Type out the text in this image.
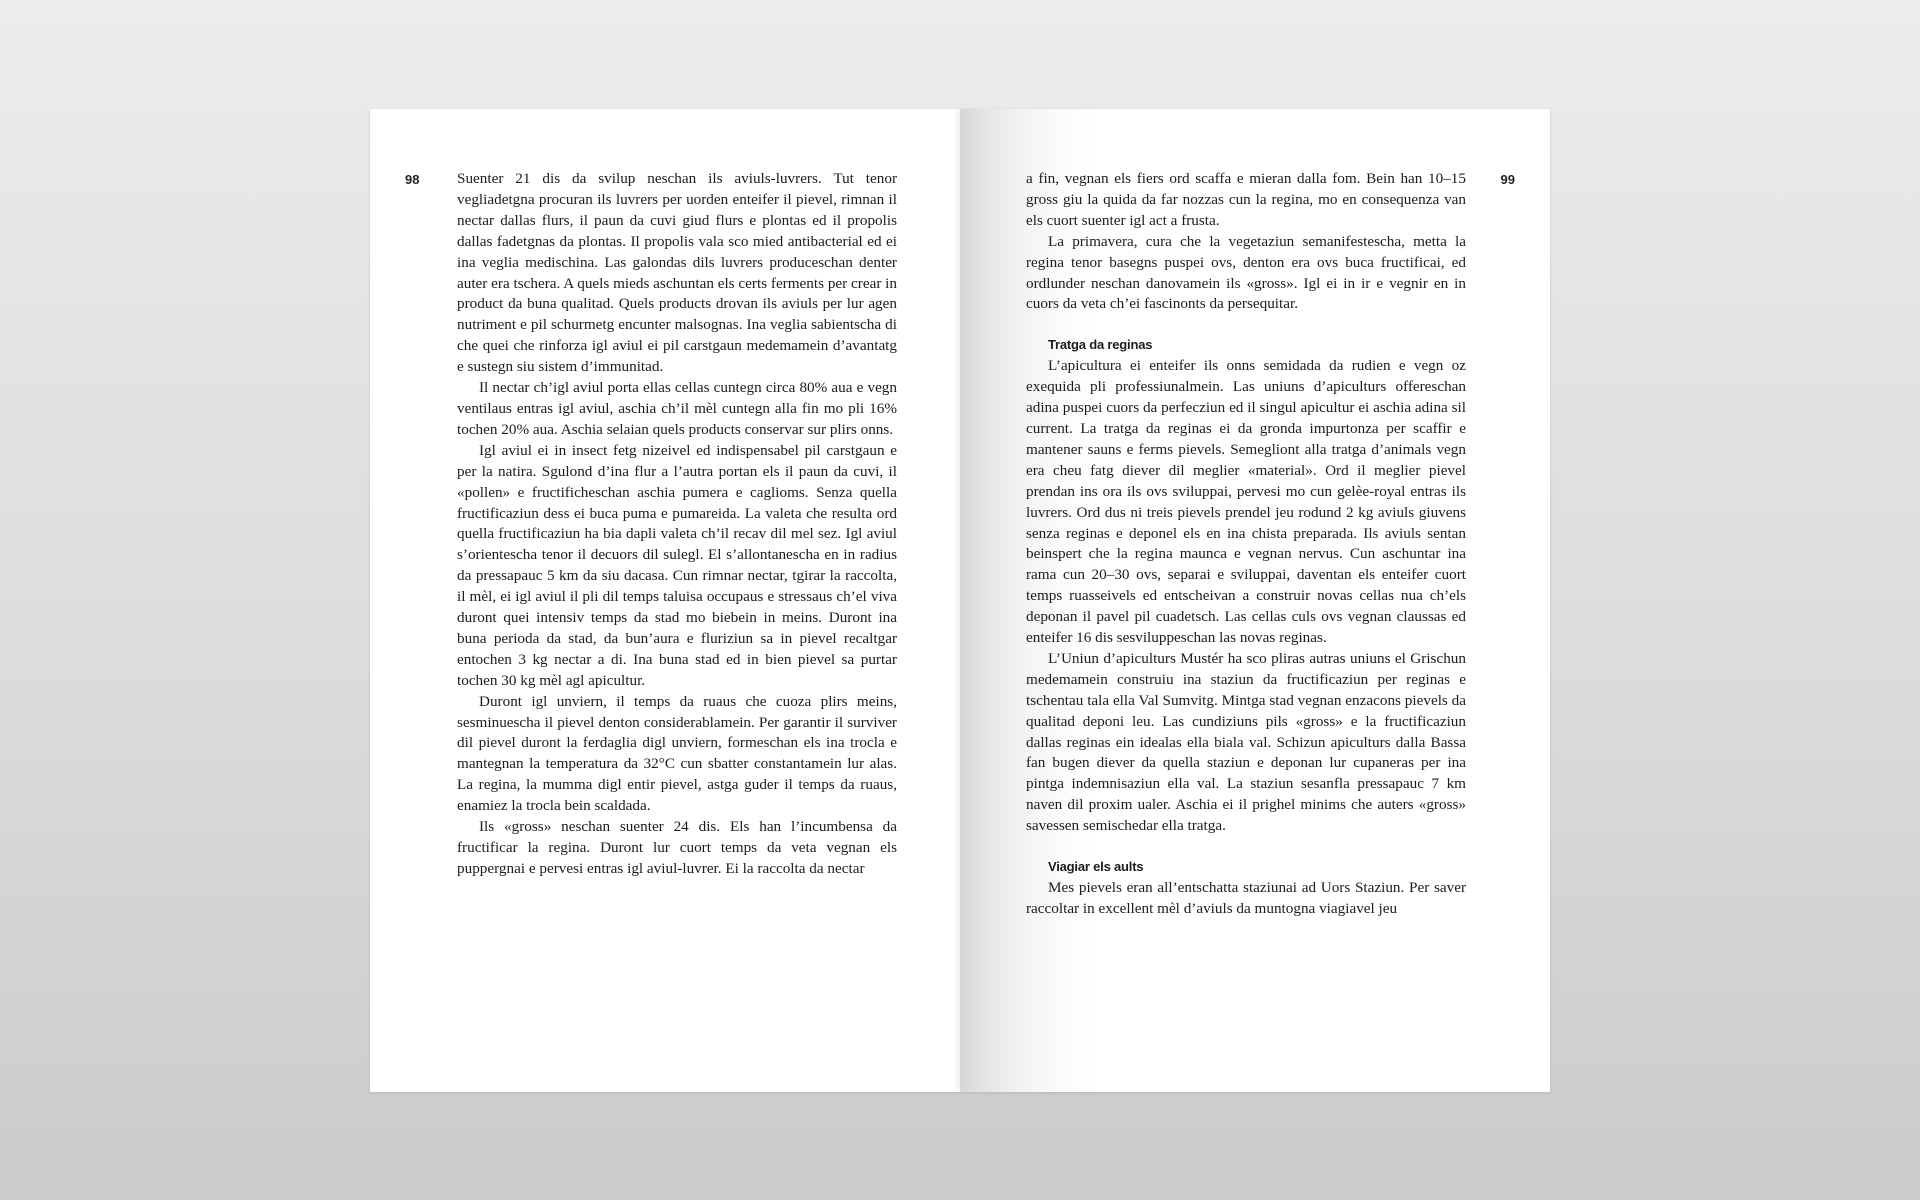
98 Suenter 21 dis da svilup neschan ils aviuls-luvrers. Tut tenor vegliadetgna procuran ils luvrers per uorden enteifer il pievel, rimnan il nectar dallas flurs, il paun da cuvi giud flurs e plontas ed il propolis dallas fadetgnas da plontas. Il propolis vala sco mied antibacterial ed ei ina veglia medischina. Las galondas dils luvrers produceschan denter auter era tschera. A quels mieds aschuntan els certs ferments per crear in product da buna qualitad. Quels products drovan ils aviuls per lur agen nutriment e pil schurmetg encunter malsognas. Ina veglia sabientscha di che quei che rinforza igl aviul ei pil carstgaun medemamein d’avantatg e sustegn siu sistem d’immunitad.

Il nectar ch’igl aviul porta ellas cellas cuntegn circa 80% aua e vegn ventilaus entras igl aviul, aschia ch’il mèl cuntegn alla fin mo pli 16% tochen 20% aua. Aschia selaian quels products conservar sur plirs onns.

Igl aviul ei in insect fetg nizeivel ed indispensabel pil carstgaun e per la natira. Sgulond d’ina flur a l’autra portan els il paun da cuvi, il «pollen» e fructificheschan aschia pumera e caglioms. Senza quella fructificaziun dess ei buca puma e pumareida. La valeta che resulta ord quella fructificaziun ha bia dapli valeta ch’il recav dil mel sez. Igl aviul s’orientescha tenor il decuors dil sulegl. El s’allontanescha en in radius da pressapauc 5 km da siu dacasa. Cun rimnar nectar, tgirar la raccolta, il mèl, ei igl aviul il pli dil temps taluisa occupaus e stressaus ch’el viva duront quei intensiv temps da stad mo biebein in meins. Duront ina buna perioda da stad, da bun’aura e fluriziun sa in pievel recaltgar entochen 3 kg nectar a di. Ina buna stad ed in bien pievel sa purtar tochen 30 kg mèl agl apicultur.

Duront igl unviern, il temps da ruaus che cuoza plirs meins, sesminuescha il pievel denton considerablamein. Per garantir il surviver dil pievel duront la ferdaglia digl unviern, formeschan els ina trocla e mantegnan la temperatura da 32°C cun sbatter constantamein lur alas. La regina, la mumma digl entir pievel, astga guder il temps da ruaus, enamiez la trocla bein scaldada.

Ils «gross» neschan suenter 24 dis. Els han l’incumbensa da fructificar la regina. Duront lur cuort temps da veta vegnan els puppergnai e pervesi entras igl aviul-luvrer. Ei la raccolta da nectar

99

a fin, vegnan els fiers ord scaffa e mieran dalla fom. Bein han 10–15 gross giu la quida da far nozzas cun la regina, mo en consequenza van els cuort suenter igl act a frusta.

La primavera, cura che la vegetaziun semanifestescha, metta la regina tenor basegns puspei ovs, denton era ovs buca fructificai, ed ordlunder neschan danovamein ils «gross». Igl ei in ir e vegnir en in cuors da veta ch’ei fascinonts da persequitar.

Tratga da reginas

L’apicultura ei enteifer ils onns semidada da rudien e vegn oz exequida pli professiunalmein. Las uniuns d’apiculturs offereschan adina puspei cuors da perfecziun ed il singul apicultur ei aschia adina sil current. La tratga da reginas ei da gronda impurtonza per scaffir e mantener sauns e ferms pievels. Semegliont alla tratga d’animals vegn era cheu fatg diever dil meglier «material». Ord il meglier pievel prendan ins ora ils ovs sviluppai, pervesi mo cun gelèe-royal entras ils luvrers. Ord dus ni treis pievels prendel jeu rodund 2 kg aviuls giuvens senza reginas e deponel els en ina chista preparada. Ils aviuls sentan beinspert che la regina maunca e vegnan nervus. Cun aschuntar ina rama cun 20–30 ovs, separai e sviluppai, daventan els enteifer cuort temps ruasseivels ed entscheivan a construir novas cellas nua ch’els deponan il pavel pil cuadetsch. Las cellas culs ovs vegnan claussas ed enteifer 16 dis sesviluppeschan las novas reginas.

L’Uniun d’apiculturs Mustér ha sco pliras autras uniuns el Grischun medemamein construiu ina staziun da fructificaziun per reginas e tschentau tala ella Val Sumvitg. Mintga stad vegnan enzacons pievels da qualitad deponi leu. Las cundiziuns pils «gross» e la fructificaziun dallas reginas ein idealas ella biala val. Schizun apiculturs dalla Bassa fan bugen diever da quella staziun e deponan lur cupaneras per ina pintga indemnisaziun ella val. La staziun sesanfla pressapauc 7 km naven dil proxim ualer. Aschia ei il prighel minims che auters «gross» savessen semischedar ella tratga.

Viagiar els aults

Mes pievels eran all’entschatta staziunai ad Uors Staziun. Per saver raccoltar in excellent mèl d’aviuls da muntogna viagiavel jeu
